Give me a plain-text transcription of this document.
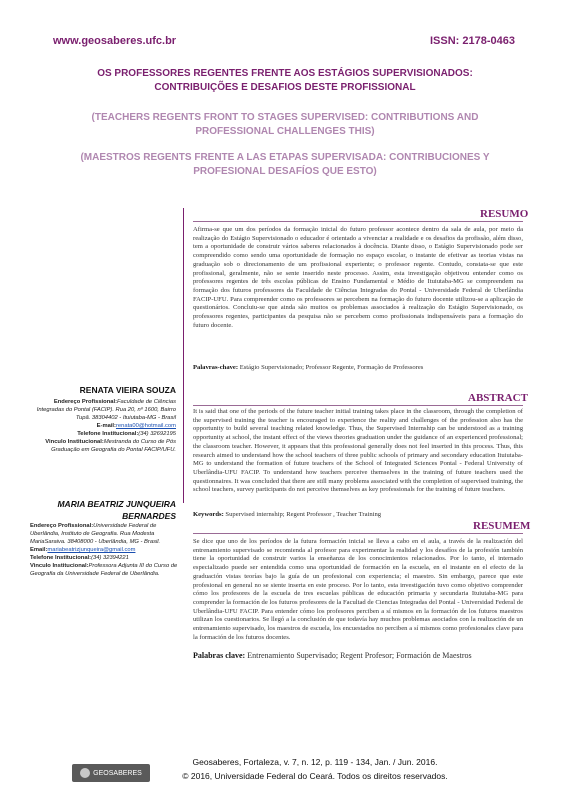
www.geosaberes.ufc.br	ISSN: 2178-0463
OS PROFESSORES REGENTES FRENTE AOS ESTÁGIOS SUPERVISIONADOS: CONTRIBUIÇÕES E DESAFIOS DESTE PROFISSIONAL
(TEACHERS REGENTS FRONT TO STAGES SUPERVISED: CONTRIBUTIONS AND PROFESSIONAL CHALLENGES THIS)
(MAESTROS REGENTS FRENTE A LAS ETAPAS SUPERVISADA: CONTRIBUCIONES Y PROFESIONAL DESAFÍOS QUE ESTO)
RESUMO
Afirma-se que um dos períodos da formação inicial do futuro professor acontece dentro da sala de aula, por meio da realização do Estágio Supervisionado o educador é orientado a vivenciar a realidade e os desafios da profissão, além disso, tem a oportunidade de construir vários saberes relacionados à docência. Diante disso, o Estágio Supervisionado pode ser compreendido como sendo uma oportunidade de formação no espaço escolar, o instante de efetivar as teorias vistas na graduação sob o direcionamento de um profissional experiente; o professor regente. Contudo, constata-se que este profissional, geralmente, não se sente inserido neste processo. Assim, esta investigação objetivou entender como os professores regentes de três escolas públicas de Ensino Fundamental e Médio de Ituiutaba-MG se compreendem na formação dos futuros professores da Faculdade de Ciências Integradas do Pontal - Universidade Federal de Uberlândia FACIP-UFU. Para compreender como os professores se percebem na formação do futuro docente utilizou-se a aplicação de questionários. Concluiu-se que ainda são muitos os problemas associados à realização do Estágio Supervisionado, os professores regentes, participantes da pesquisa não se percebem como profissionais indispensáveis para a formação do futuro docente.
Palavras-chave: Estágio Supervisionado; Professor Regente, Formação de Professores
RENATA VIEIRA SOUZA
Endereço Profissional:Faculdade de Ciências Integradas do Pontal (FACIP). Rua 20, nº 1600, Bairro Tupã. 38304402 - Ituiutaba-MG - Brasil
E-mail:renata00@hotmail.com
Telefone Institucional:(34) 32692195
Vinculo Institucional:Mestranda do Curso de Pós Graduação em Geografia do Pontal FACIP/UFU.
ABSTRACT
It is said that one of the periods of the future teacher initial training takes place in the classroom, through the completion of the supervised training the teacher is encouraged to experience the reality and challenges of the profession also has the opportunity to build several teaching related knowledge. Thus, the Supervised Internship can be understood as a training opportunity at school, the instant effect of the views theories graduation under the guidance of an experienced professional; the classroom teacher. However, it appears that this professional generally does not feel inserted in this process. Thus, this research aimed to understand how the school teachers of three public schools of primary and secondary education Ituiutaba-MG to understand the formation of future teachers of the School of Integrated Sciences Pontal - Federal University of Uberlândia-UFU FACIP. To understand how teachers perceive themselves in the training of future teachers used the questionnaires. It was concluded that there are still many problems associated with the completion of supervised training, the school teachers, survey participants do not perceive themselves as key professionals for the training of future teachers.
Keywords: Supervised internship; Regent Professor , Teacher Training
MARIA BEATRIZ JUNQUEIRA BERNARDES
Endereço Profissional:Universidade Federal de Uberlândia, Instituto de Geografia. Rua Modesta MariaSaraiva. 38408000 - Uberlândia, MG - Brasil.
Email:mariabeatrizjunqueira@gmail.com
Telefone Institucional:(34) 32394221
Vinculo Institucional:Professora Adjunta III do Curso de Geografia da Universidade Federal de Uberlândia.
RESUMEM
Se dice que uno de los períodos de la futura formación inicial se lleva a cabo en el aula, a través de la realización del entrenamiento supervisado se recomienda al profesor para experimentar la realidad y los desafíos de la profesión también tiene la oportunidad de construir varios la enseñanza de los conocimientos relacionados. Por lo tanto, el internado especializado puede ser entendida como una oportunidad de formación en la escuela, en el instante en el efecto de la graduación vistas teorías bajo la guía de un profesional con experiencia; el maestro. Sin embargo, parece que este profesional en general no se siente inserta en este proceso. Por lo tanto, esta investigación tuvo como objetivo comprender cómo los profesores de la escuela de tres escuelas públicas de educación primaria y secundaria Ituiutaba-MG para comprender la formación de los futuros profesores de la Facultad de Ciencias Integradas del Pontal - Universidad Federal de Uberlândia-UFU FACIP. Para entender cómo los profesores perciben a sí mismos en la formación de los futuros maestros utilizan los cuestionarios. Se llegó a la conclusión de que todavía hay muchos problemas asociados con la realización de un entrenamiento supervisado, los maestros de escuela, los encuestados no perciben a sí mismos como profesionales clave para la formación de los futuros docentes.
Palabras clave: Entrenamiento Supervisado; Regent Profesor; Formación de Maestros
GEOSABERES
Geosaberes, Fortaleza, v. 7, n. 12, p. 119 - 134, Jan. / Jun. 2016.
© 2016, Universidade Federal do Ceará. Todos os direitos reservados.
